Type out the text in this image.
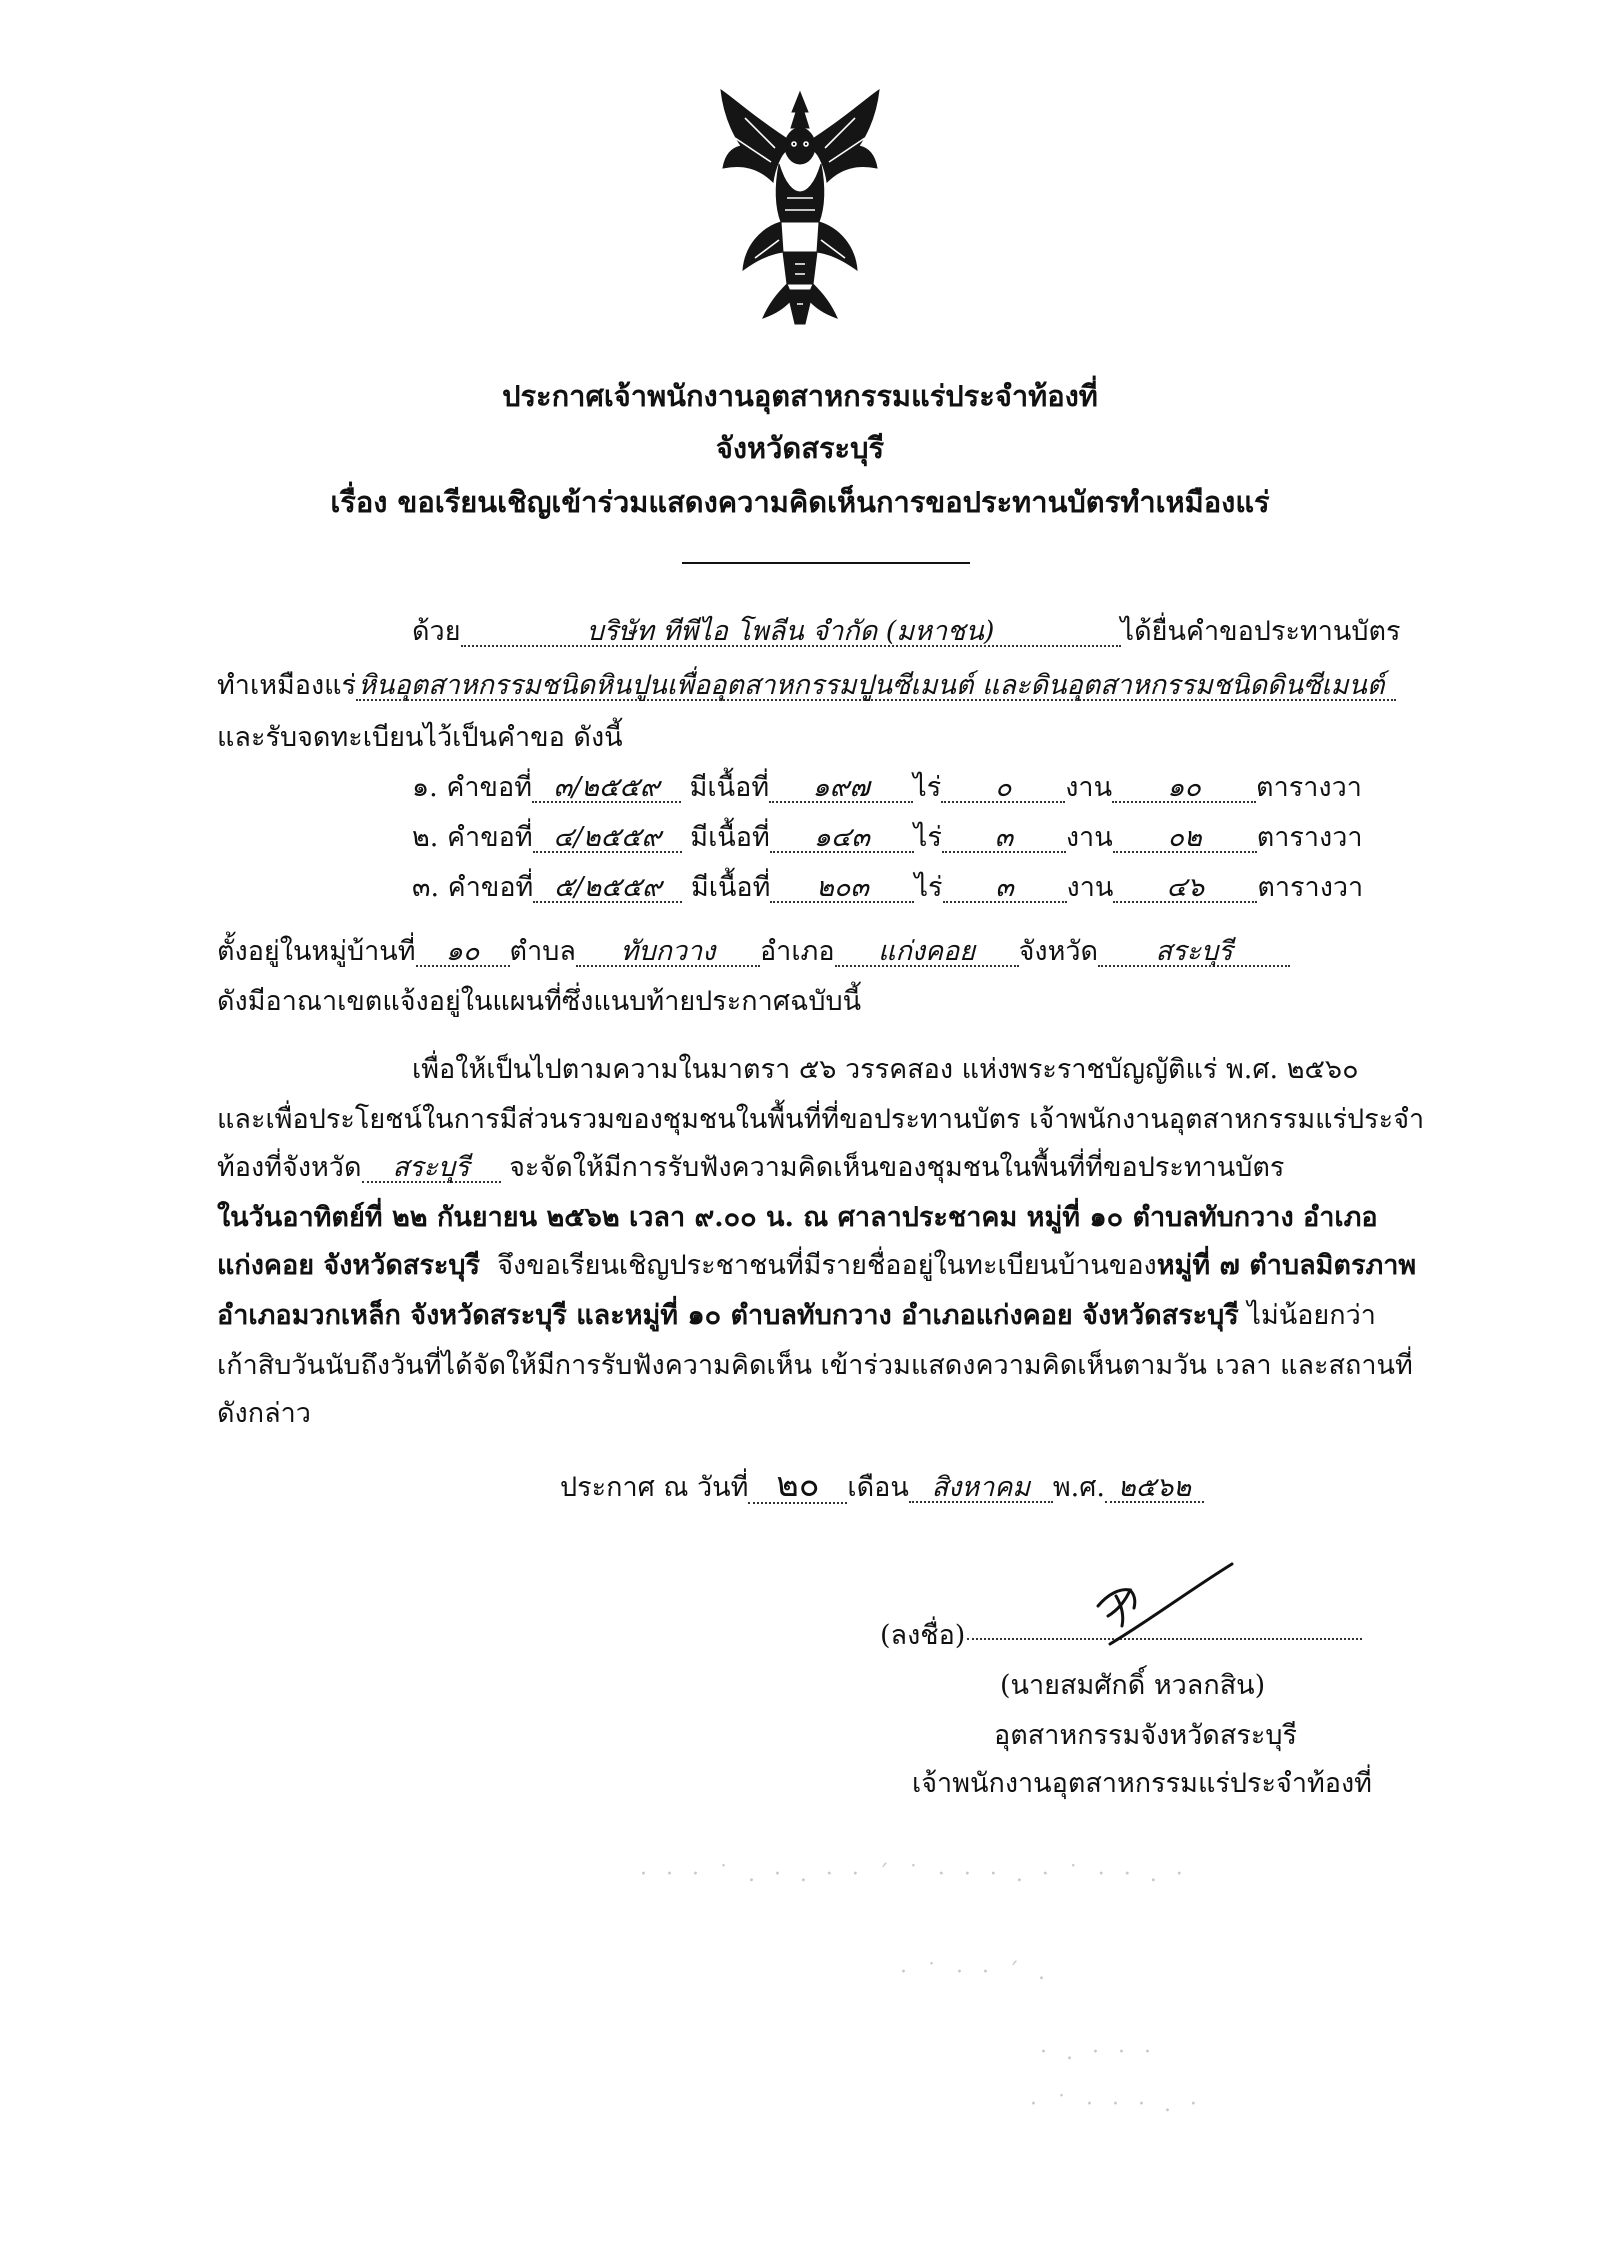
ประกาศเจ้าพนักงานอุตสาหกรรมแร่ประจำท้องที่
จังหวัดสระบุรี
เรื่อง ขอเรียนเชิญเข้าร่วมแสดงความคิดเห็นการขอประทานบัตรทำเหมืองแร่
ด้วย	บริษัท ทีพีไอ โพลีน จำกัด (มหาชน)	ได้ยื่นคำขอประทานบัตร
ทำเหมืองแร่หินอุตสาหกรรมชนิดหินปูนเพื่ออุตสาหกรรมปูนซีเมนต์ และดินอุตสาหกรรมชนิดดินซีเมนต์
และรับจดทะเบียนไว้เป็นคำขอ ดังนี้
๑. คำขอที่ ๓/๒๕๕๙ มีเนื้อที่ ๑๙๗ ไร่ ๐ งาน ๑๐ ตารางวา
๒. คำขอที่ ๔/๒๕๕๙ มีเนื้อที่ ๑๔๓ ไร่ ๓ งาน ๐๒ ตารางวา
๓. คำขอที่ ๕/๒๕๕๙ มีเนื้อที่ ๒๐๓ ไร่ ๓ งาน ๔๖ ตารางวา
ตั้งอยู่ในหมู่บ้านที่ ๑๐ ตำบล ทับกวาง อำเภอ แก่งคอย จังหวัด สระบุรี
ดังมีอาณาเขตแจ้งอยู่ในแผนที่ซึ่งแนบท้ายประกาศฉบับนี้
เพื่อให้เป็นไปตามความในมาตรา ๕๖ วรรคสอง แห่งพระราชบัญญัติแร่ พ.ศ. ๒๕๖๐
และเพื่อประโยชน์ในการมีส่วนรวมของชุมชนในพื้นที่ที่ขอประทานบัตร เจ้าพนักงานอุตสาหกรรมแร่ประจำ
ท้องที่จังหวัด สระบุรี จะจัดให้มีการรับฟังความคิดเห็นของชุมชนในพื้นที่ที่ขอประทานบัตร
ในวันอาทิตย์ที่ ๒๒ กันยายน ๒๕๖๒ เวลา ๙.๐๐ น. ณ ศาลาประชาคม หมู่ที่ ๑๐ ตำบลทับกวาง อำเภอ
แก่งคอย จังหวัดสระบุรี จึงขอเรียนเชิญประชาชนที่มีรายชื่ออยู่ในทะเบียนบ้านของหมู่ที่ ๗ ตำบลมิตรภาพ
อำเภอมวกเหล็ก จังหวัดสระบุรี และหมู่ที่ ๑๐ ตำบลทับกวาง อำเภอแก่งคอย จังหวัดสระบุรี ไม่น้อยกว่า
เก้าสิบวันนับถึงวันที่ได้จัดให้มีการรับฟังความคิดเห็น เข้าร่วมแสดงความคิดเห็นตามวัน เวลา และสถานที่
ดังกล่าว
ประกาศ ณ วันที่ ๒๐ เดือน สิงหาคม พ.ศ. ๒๕๖๒
(ลงชื่อ)
(นายสมศักดิ์ หวลกสิน)
อุตสาหกรรมจังหวัดสระบุรี
เจ้าพนักงานอุตสาหกรรมแร่ประจำท้องที่
· · · ˙ . · . · · ´ ˙ · · · . · ˙ · · . ·
· ˙ · · ´ .
· . · · ·
· ˙ · · · . ·
